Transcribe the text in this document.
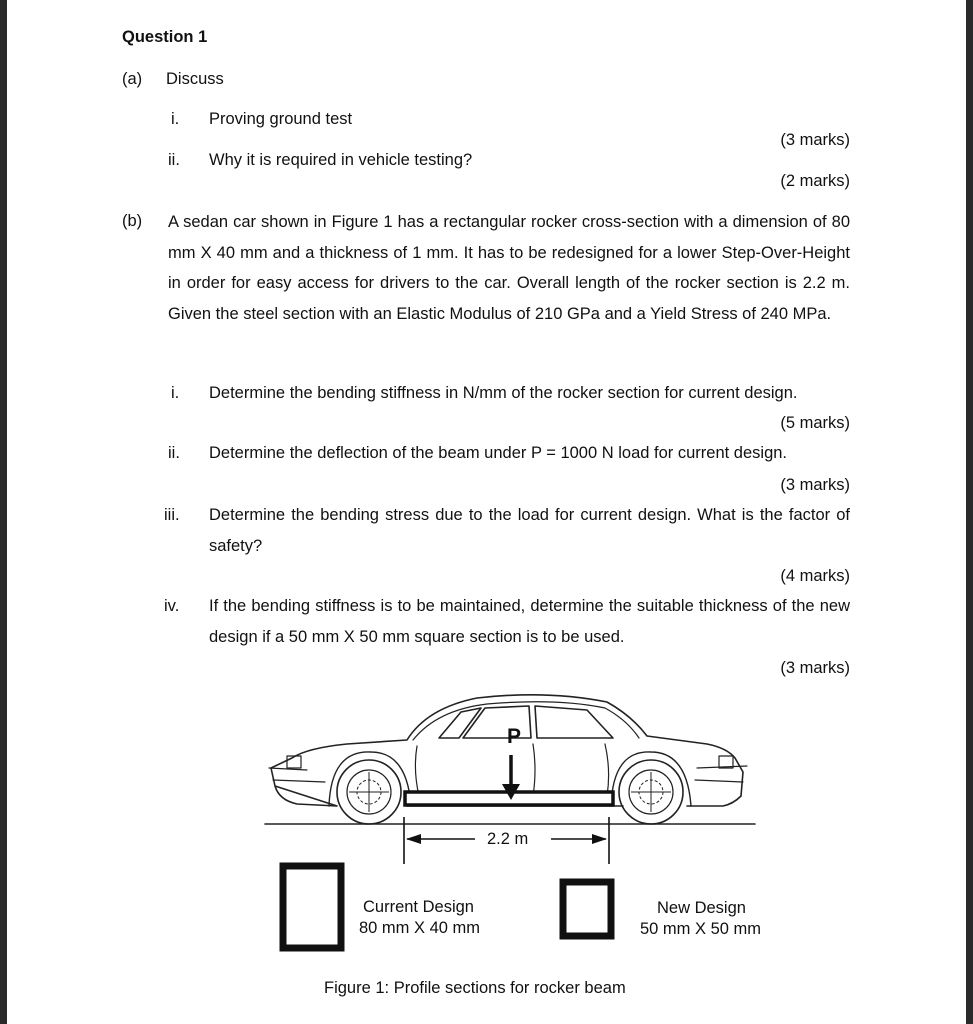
Question 1
(a) Discuss
i. Proving ground test
(3 marks)
ii. Why it is required in vehicle testing?
(2 marks)
(b) A sedan car shown in Figure 1 has a rectangular rocker cross-section with a dimension of 80 mm X 40 mm and a thickness of 1 mm. It has to be redesigned for a lower Step-Over-Height in order for easy access for drivers to the car. Overall length of the rocker section is 2.2 m. Given the steel section with an Elastic Modulus of 210 GPa and a Yield Stress of 240 MPa.
i. Determine the bending stiffness in N/mm of the rocker section for current design.
(5 marks)
ii. Determine the deflection of the beam under P = 1000 N load for current design.
(3 marks)
iii. Determine the bending stress due to the load for current design. What is the factor of safety?
(4 marks)
iv. If the bending stiffness is to be maintained, determine the suitable thickness of the new design if a 50 mm X 50 mm square section is to be used.
(3 marks)
P
2.2 m
Current Design
80 mm X 40 mm
New Design
50 mm X 50 mm
Figure 1: Profile sections for rocker beam
